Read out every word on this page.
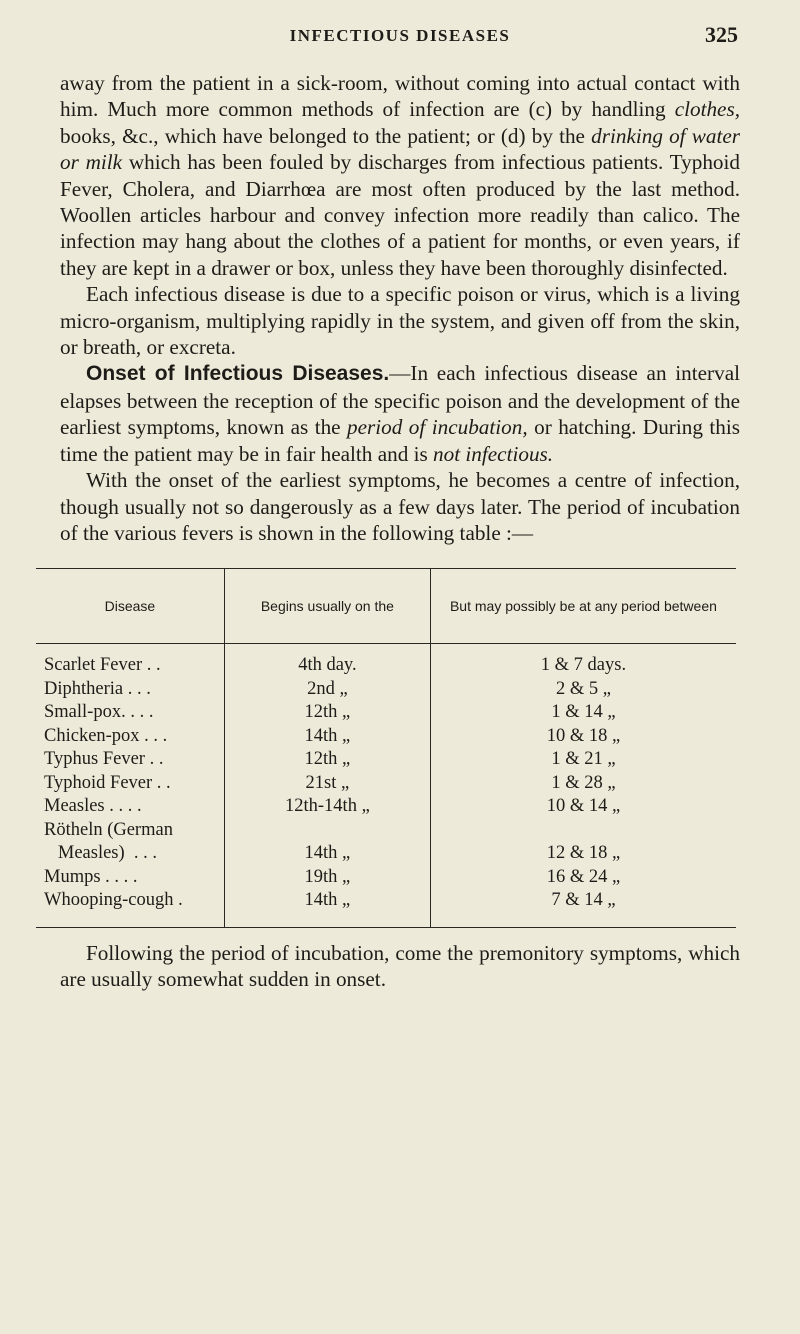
INFECTIOUS DISEASES	325

away from the patient in a sick-room, without coming into actual contact with him. Much more common methods of infection are (c) by handling clothes, books, &c., which have belonged to the patient; or (d) by the drinking of water or milk which has been fouled by discharges from infectious patients. Typhoid Fever, Cholera, and Diarrhœa are most often produced by the last method. Woollen articles harbour and convey infection more readily than calico. The infection may hang about the clothes of a patient for months, or even years, if they are kept in a drawer or box, unless they have been thoroughly disinfected.

Each infectious disease is due to a specific poison or virus, which is a living micro-organism, multiplying rapidly in the system, and given off from the skin, or breath, or excreta.

Onset of Infectious Diseases.—In each infectious disease an interval elapses between the reception of the specific poison and the development of the earliest symptoms, known as the period of incubation, or hatching. During this time the patient may be in fair health and is not infectious.

With the onset of the earliest symptoms, he becomes a centre of infection, though usually not so dangerously as a few days later. The period of incubation of the various fevers is shown in the following table :—

Disease	Begins usually on the	But may possibly be at any period between
Scarlet Fever . .	4th day.	1 & 7 days.
Diphtheria . . .	2nd „	2 & 5 „
Small-pox. . . .	12th „	1 & 14 „
Chicken-pox . . .	14th „	10 & 18 „
Typhus Fever . .	12th „	1 & 21 „
Typhoid Fever . .	21st „	1 & 28 „
Measles . . . .	12th-14th „	10 & 14 „
Rötheln (German		
Measles)  . . .	14th „	12 & 18 „
Mumps . . . .	19th „	16 & 24 „
Whooping-cough .	14th „	7 & 14 „

Following the period of incubation, come the premonitory symptoms, which are usually somewhat sudden in onset.
